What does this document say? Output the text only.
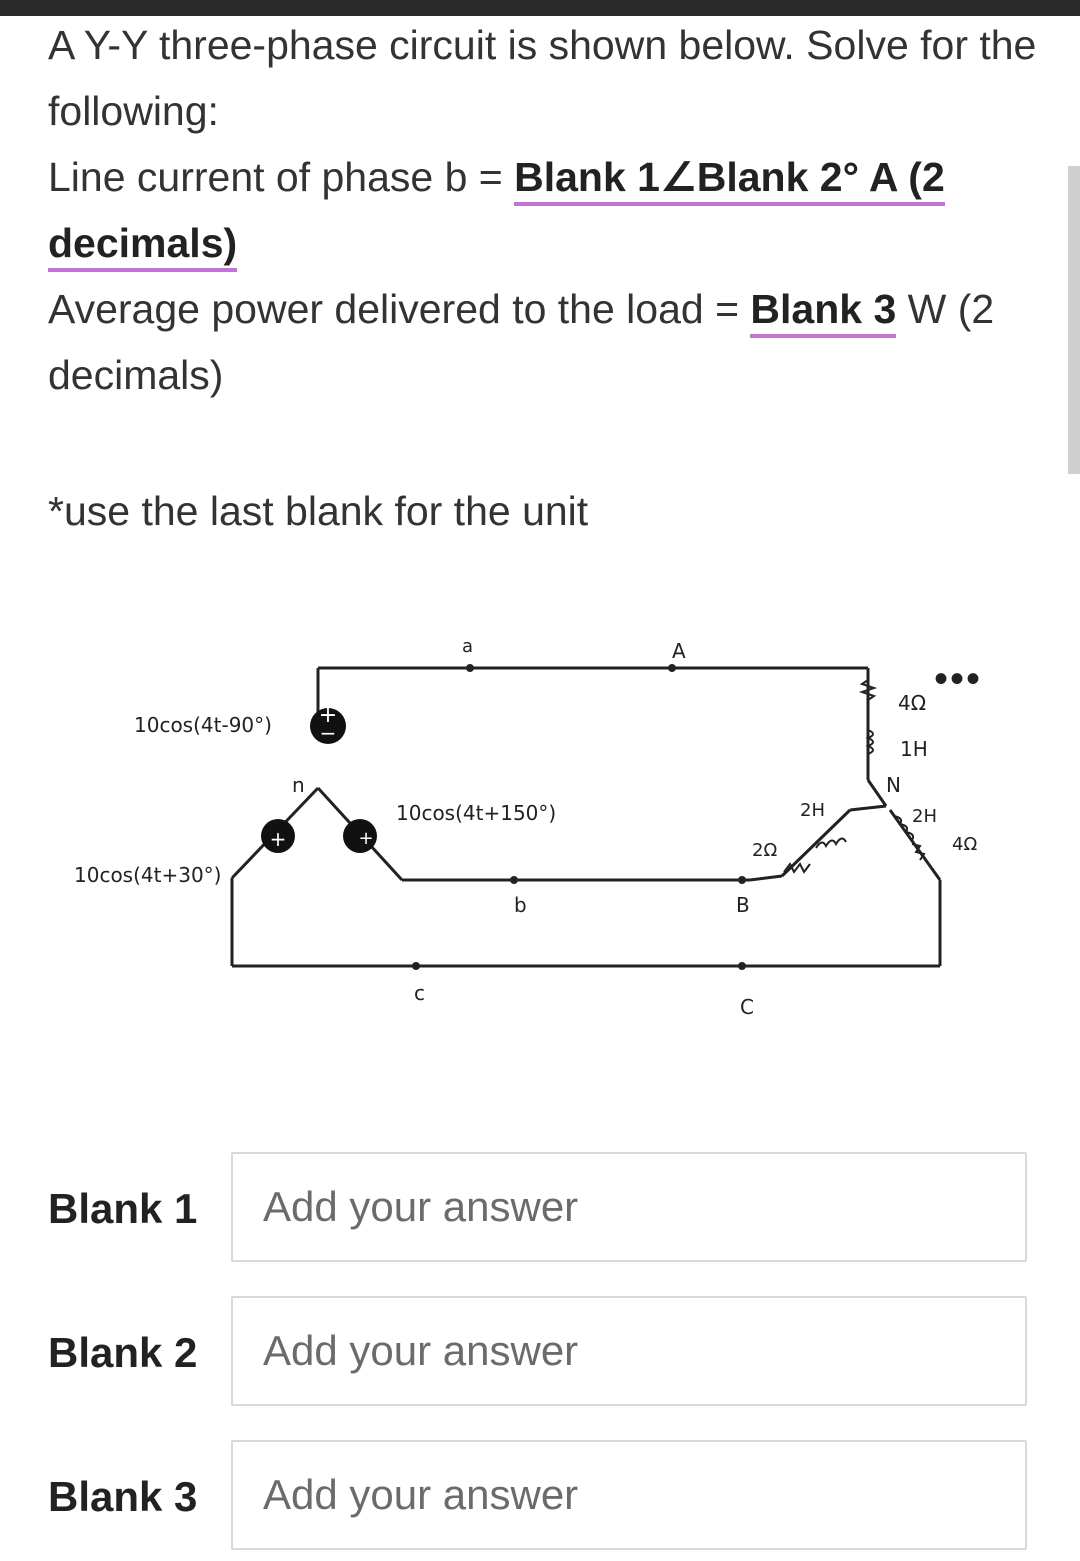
A Y-Y three-phase circuit is shown below. Solve for the following:

Line current of phase b = Blank 1∠Blank 2° A (2 decimals)

Average power delivered to the load = Blank 3 W (2 decimals)

*use the last blank for the unit
+
−
+	+
10cos(4t-90°)
10cos(4t+150°)
10cos(4t+30°)
n	N
a	A
b	B
c
C
4Ω
1H
2Ω
2H	2H
4Ω
•••
Blank 1
Add your answer
Blank 2
Add your answer
Blank 3
Add your answer
